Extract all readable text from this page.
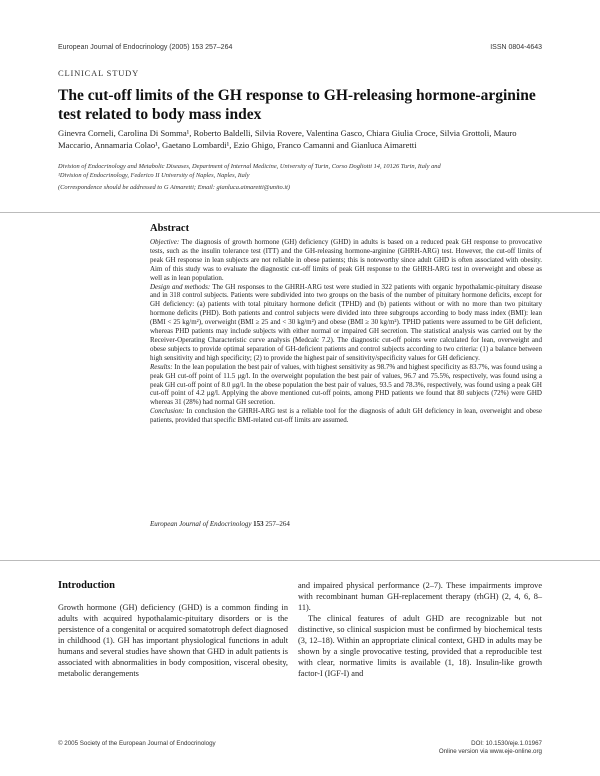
European Journal of Endocrinology (2005) 153 257–264	ISSN 0804-4643
CLINICAL STUDY
The cut-off limits of the GH response to GH-releasing hormone-arginine test related to body mass index
Ginevra Corneli, Carolina Di Somma¹, Roberto Baldelli, Silvia Rovere, Valentina Gasco, Chiara Giulia Croce, Silvia Grottoli, Mauro Maccario, Annamaria Colao¹, Gaetano Lombardi¹, Ezio Ghigo, Franco Camanni and Gianluca Aimaretti
Division of Endocrinology and Metabolic Diseases, Department of Internal Medicine, University of Turin, Corso Dogliotti 14, 10126 Turin, Italy and
¹Division of Endocrinology, Federico II University of Naples, Naples, Italy
(Correspondence should be addressed to G Aimaretti; Email: gianluca.aimaretti@unito.it)
Abstract

Objective: The diagnosis of growth hormone (GH) deficiency (GHD) in adults is based on a reduced peak GH response to provocative tests, such as the insulin tolerance test (ITT) and the GH-releasing hormone-arginine (GHRH-ARG) test. However, the cut-off limits of peak GH response in lean subjects are not reliable in obese patients; this is noteworthy since adult GHD is often associated with obesity. Aim of this study was to evaluate the diagnostic cut-off limits of peak GH response to the GHRH-ARG test in overweight and obese as well as in lean population.

Design and methods: The GH responses to the GHRH-ARG test were studied in 322 patients with organic hypothalamic-pituitary disease and in 318 control subjects. Patients were subdivided into two groups on the basis of the number of pituitary hormone deficits, except for GH deficiency: (a) patients with total pituitary hormone deficit (TPHD) and (b) patients without or with no more than two pituitary hormone deficits (PHD). Both patients and control subjects were divided into three subgroups according to body mass index (BMI): lean (BMI < 25 kg/m²), overweight (BMI ≥ 25 and < 30 kg/m²) and obese (BMI ≥ 30 kg/m²). TPHD patients were assumed to be GH deficient, whereas PHD patients may include subjects with either normal or impaired GH secretion. The statistical analysis was carried out by the Receiver-Operating Characteristic curve analysis (Medcalc 7.2). The diagnostic cut-off points were calculated for lean, overweight and obese subjects to provide optimal separation of GH-deficient patients and control subjects according to two criteria: (1) a balance between high sensitivity and high specificity; (2) to provide the highest pair of sensitivity/specificity values for GH deficiency.

Results: In the lean population the best pair of values, with highest sensitivity as 98.7% and highest specificity as 83.7%, was found using a peak GH cut-off point of 11.5 μg/l. In the overweight population the best pair of values, 96.7 and 75.5%, respectively, was found using a peak GH cut-off point of 8.0 μg/l. In the obese population the best pair of values, 93.5 and 78.3%, respectively, was found using a peak GH cut-off point of 4.2 μg/l. Applying the above mentioned cut-off points, among PHD patients we found that 80 subjects (72%) were GHD whereas 31 (28%) had normal GH secretion.

Conclusion: In conclusion the GHRH-ARG test is a reliable tool for the diagnosis of adult GH deficiency in lean, overweight and obese patients, provided that specific BMI-related cut-off limits are assumed.

European Journal of Endocrinology 153 257–264
Introduction

Growth hormone (GH) deficiency (GHD) is a common finding in adults with acquired hypothalamic-pituitary disorders or is the persistence of a congenital or acquired somatotroph defect diagnosed in childhood (1). GH has important physiological functions in adult humans and several studies have shown that GHD in adult patients is associated with abnormalities in body composition, visceral obesity, metabolic derangements

and impaired physical performance (2–7). These impairments improve with recombinant human GH-replacement therapy (rhGH) (2, 4, 6, 8–11).

The clinical features of adult GHD are recognizable but not distinctive, so clinical suspicion must be confirmed by biochemical tests (3, 12–18). Within an appropriate clinical context, GHD in adults may be shown by a single provocative testing, provided that a reproducible test with clear, normative limits is available (1, 18). Insulin-like growth factor-I (IGF-I) and

© 2005 Society of the European Journal of Endocrinology	DOI: 10.1530/eje.1.01967
Online version via www.eje-online.org
